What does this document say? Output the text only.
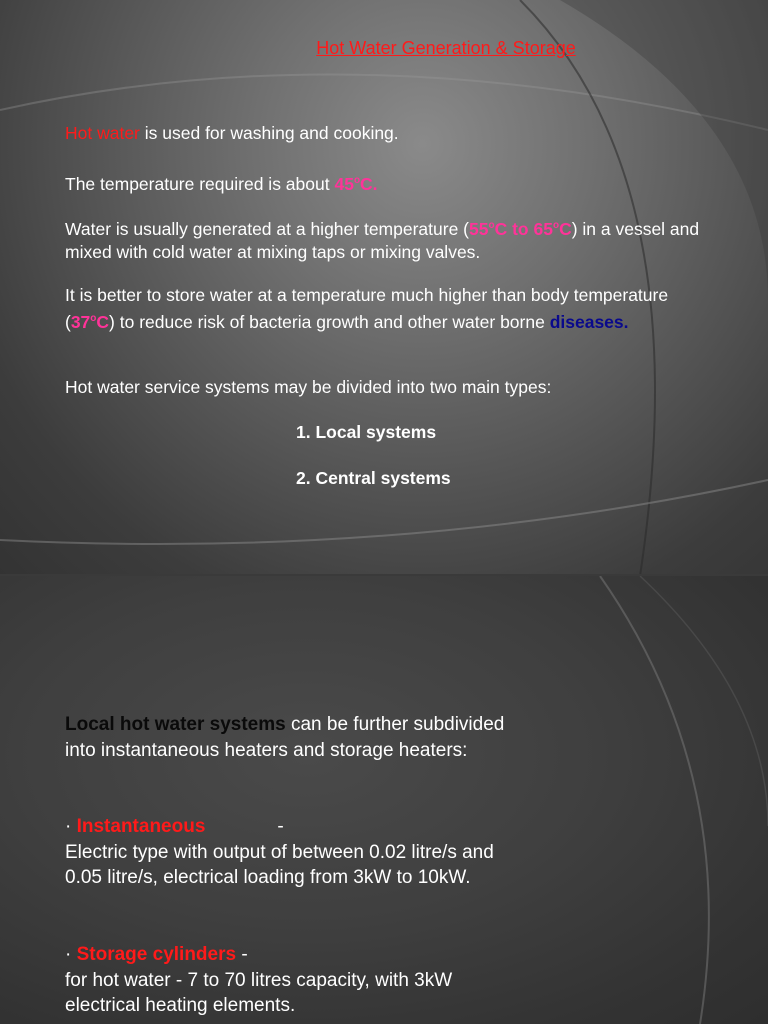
Hot Water Generation & Storage
Hot water is used for washing and cooking.
The temperature required is about 45$^o$C.
Water is usually generated at a higher temperature (55$^o$C to 65$^o$C) in a vessel and mixed with cold water at mixing taps or mixing valves.
It is better to store water at a temperature much higher than body temperature (37$^o$C) to reduce risk of bacteria growth and other water borne diseases.
Hot water service systems may be divided into two main types:
1. Local systems
2. Central systems
Local hot water systems can be further subdivided into instantaneous heaters and storage heaters:
· Instantaneous	-
Electric type with output of between 0.02 litre/s and 0.05 litre/s, electrical loading from 3kW to 10kW.
· Storage cylinders -
for hot water - 7 to 70 litres capacity, with 3kW electrical heating elements.
